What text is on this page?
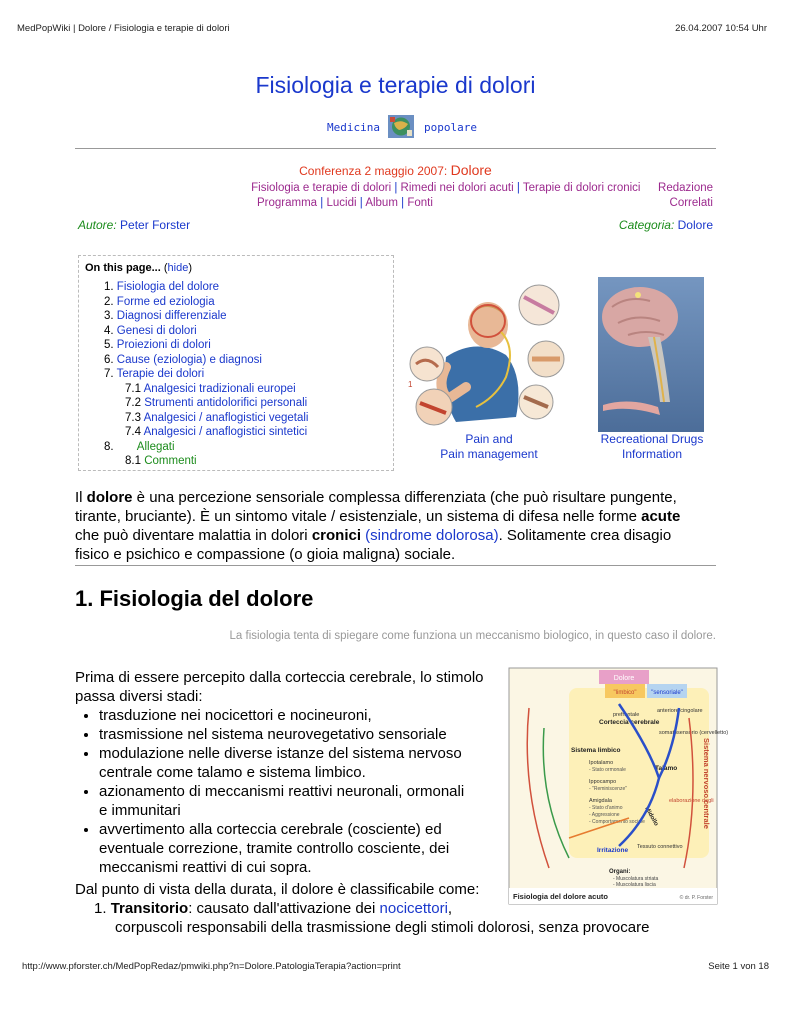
MedPopWiki | Dolore / Fisiologia e terapie di dolori	26.04.2007 10:54 Uhr
Fisiologia e terapie di dolori
Medicina	popolare
Conferenza 2 maggio 2007: Dolore
Fisiologia e terapie di dolori | Rimedi nei dolori acuti | Terapie di dolori cronici
Programma | Lucidi | Album | Fonti
Redazione
Correlati
Autore: Peter Forster	Categoria: Dolore
On this page... (hide)
1. Fisiologia del dolore
2. Forme ed eziologia
3. Diagnosi differenziale
4. Genesi di dolori
5. Proiezioni di dolori
6. Cause (eziologia) e diagnosi
7. Terapie dei dolori
7.1 Analgesici tradizionali europei
7.2 Strumenti antidolorifici personali
7.3 Analgesici / anaflogistici vegetali
7.4 Analgesici / anaflogistici sintetici
8. Allegati
8.1 Commenti
1
Pain and
Pain management
Recreational Drugs
Information
Il dolore è una percezione sensoriale complessa differenziata (che può risultare pungente,
tirante, bruciante). È un sintomo vitale / esistenziale, un sistema di difesa nelle forme acute
che può diventare malattia in dolori cronici (sindrome dolorosa). Solitamente crea disagio
fisico e psichico e compassione (o gioia maligna) sociale.
1. Fisiologia del dolore
La fisiologia tenta di spiegare come funziona un meccanismo biologico, in questo caso il dolore.
Prima di essere percepito dalla corteccia cerebrale, lo stimolo
passa diversi stadi:
• trasduzione nei nocicettori e nocineuroni,
• trasmissione nel sistema neurovegetativo sensoriale
• modulazione nelle diverse istanze del sistema nervoso
centrale come talamo e sistema limbico.
• azionamento di meccanismi reattivi neuronali, ormonali
e immunitari
• avvertimento alla corteccia cerebrale (cosciente) ed
eventuale correzione, tramite controllo cosciente, dei
meccanismi reattivi di cui sopra.
Dal punto di vista della durata, il dolore è classificabile come:
1. Transitorio: causato dall'attivazione dei nocicettori,
corpuscoli responsabili della trasmissione degli stimoli dolorosi, senza provocare
Dolore
"limbico" "sensoriale"
prefrontale
Corteccia cerebrale
anteriore cingolare
somatosensorio (cervelletto)
Sistema limbico
Ipotalamo
- Stato ormonale
Ippocampo
- "Reminiscenze"
Amigdala
- Stato d'animo
- Aggressione
- Comportamento sociale
Talamo
Midollo
elaborazione degli
Irritazione Tessuto connettivo
Organi:
- Muscolatura striata
- Muscolatura liscia
Sistema nervoso centrale
Fisiologia del dolore acuto	© dr. P. Forster
http://www.pforster.ch/MedPopRedaz/pmwiki.php?n=Dolore.PatologiaTerapia?action=print	Seite 1 von 18
